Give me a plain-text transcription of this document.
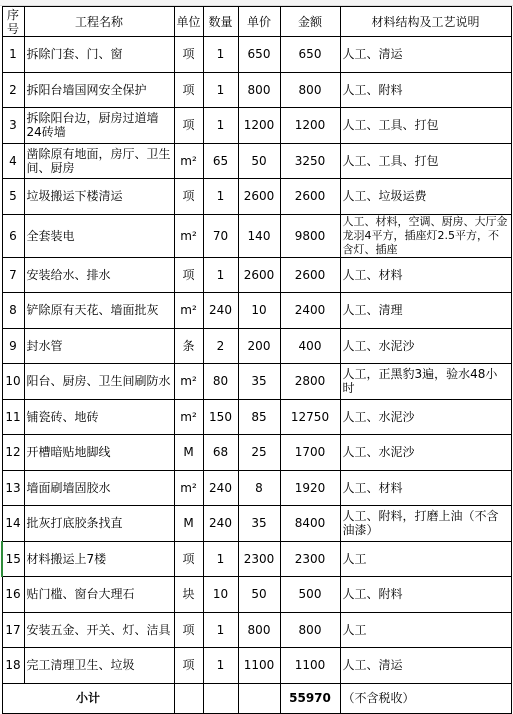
序号	工程名称	单位	数量	单价	金额	材料结构及工艺说明
1	拆除门套、门、窗	项	1	650	650	人工、清运
2	拆阳台墙国网安全保护	项	1	800	800	人工、附料
3	拆除阳台边，厨房过道墙24砖墙	项	1	1200	1200	人工、工具、打包
4	凿除原有地面，房厅、卫生间、厨房	m²	65	50	3250	人工、工具、打包
5	垃圾搬运下楼清运	项	1	2600	2600	人工、垃圾运费
6	全套装电	m²	70	140	9800	人工、材料，空调、厨房、大厅金龙羽4平方，插座灯2.5平方，不含灯、插座
7	安装给水、排水	项	1	2600	2600	人工、材料
8	铲除原有天花、墙面批灰	m²	240	10	2400	人工、清理
9	封水管	条	2	200	400	人工、水泥沙
10	阳台、厨房、卫生间刷防水	m²	80	35	2800	人工，正黑豹3遍，验水48小时
11	铺瓷砖、地砖	m²	150	85	12750	人工、水泥沙
12	开槽暗贴地脚线	M	68	25	1700	人工、水泥沙
13	墙面刷墙固胶水	m²	240	8	1920	人工、材料
14	批灰打底胶条找直	M	240	35	8400	人工、附料，打磨上油（不含油漆）
15	材料搬运上7楼	项	1	2300	2300	人工
16	贴门槛、窗台大理石	块	10	50	500	人工、附料
17	安装五金、开关、灯、洁具	项	1	800	800	人工
18	完工清理卫生、垃圾	项	1	1100	1100	人工、清运
小计					55970	（不含税收）
